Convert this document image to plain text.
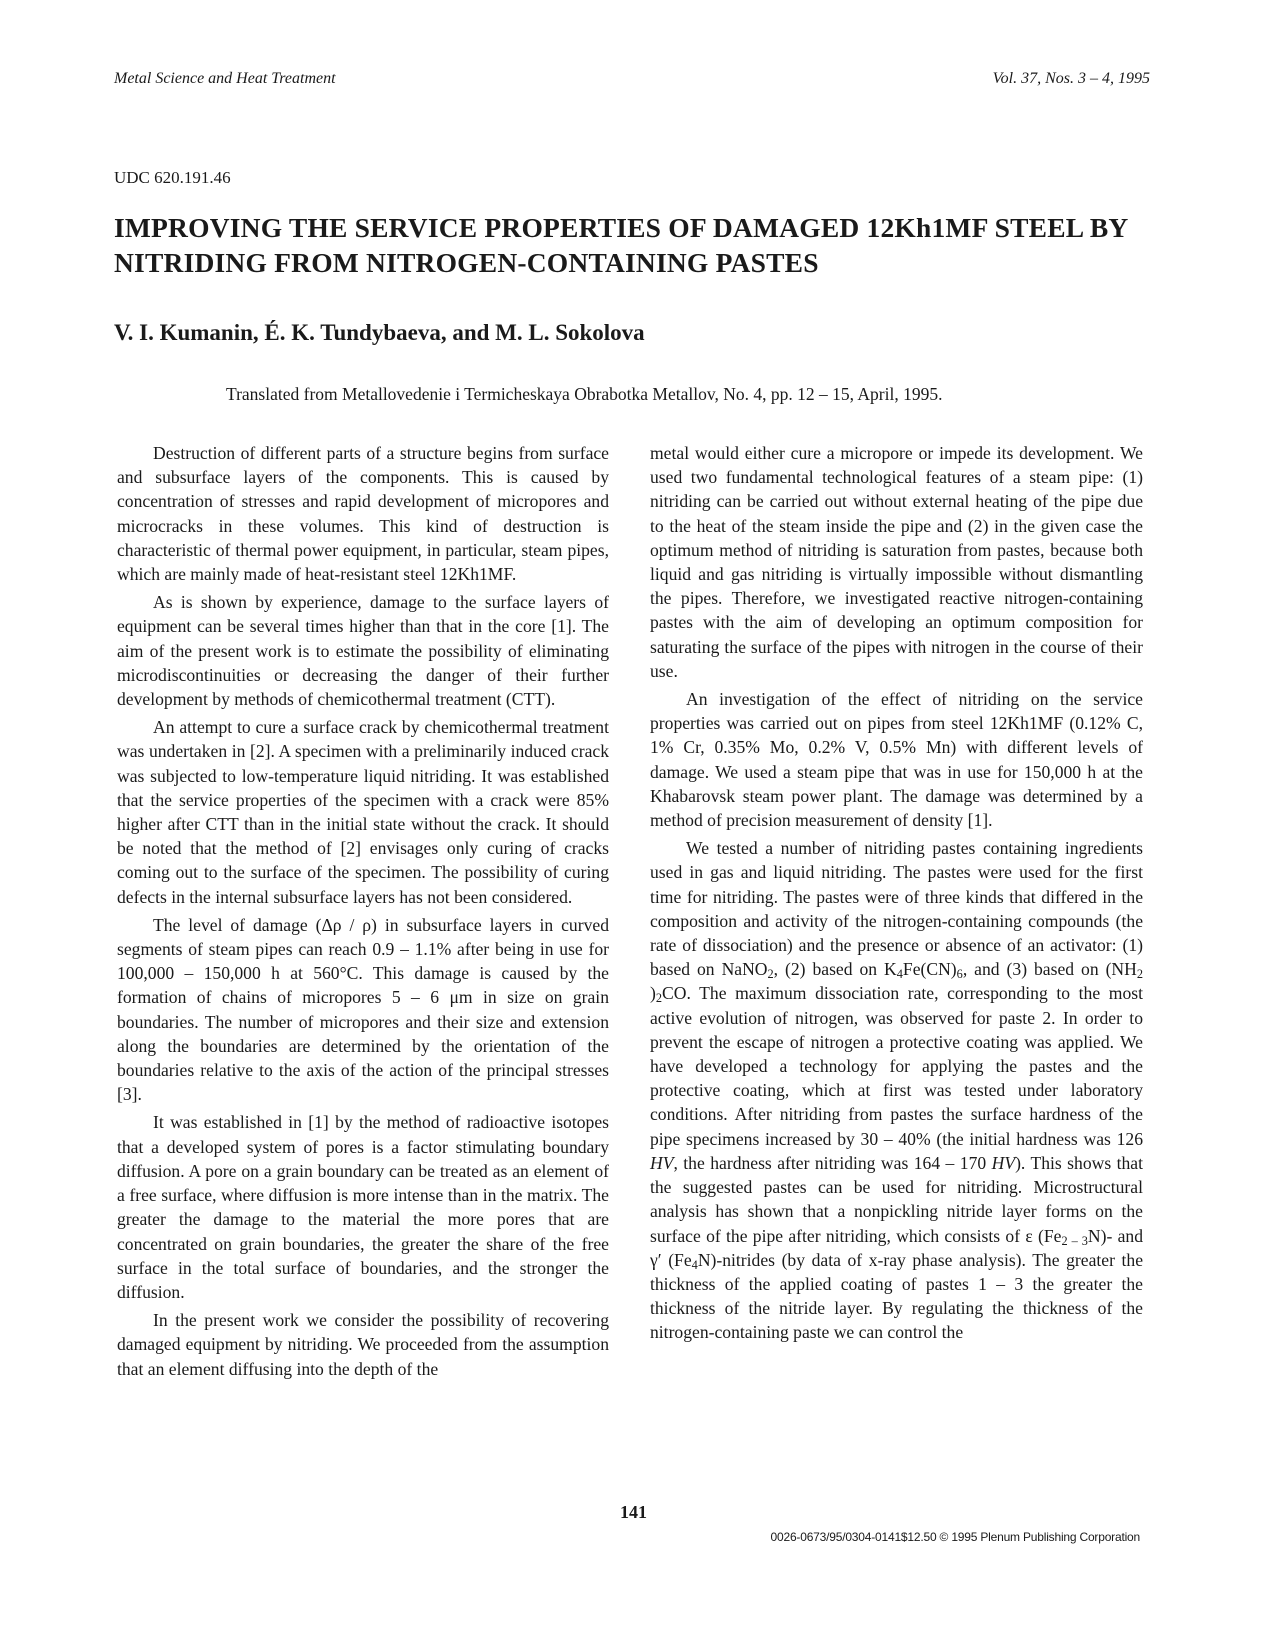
Metal Science and Heat Treatment	Vol. 37, Nos. 3 – 4, 1995
UDC 620.191.46
IMPROVING THE SERVICE PROPERTIES OF DAMAGED 12Kh1MF STEEL BY NITRIDING FROM NITROGEN-CONTAINING PASTES
V. I. Kumanin, É. K. Tundybaeva, and M. L. Sokolova
Translated from Metallovedenie i Termicheskaya Obrabotka Metallov, No. 4, pp. 12 – 15, April, 1995.

Destruction of different parts of a structure begins from surface and subsurface layers of the components. This is caused by concentration of stresses and rapid development of micropores and microcracks in these volumes. This kind of destruction is characteristic of thermal power equipment, in particular, steam pipes, which are mainly made of heat-resistant steel 12Kh1MF.

As is shown by experience, damage to the surface layers of equipment can be several times higher than that in the core [1]. The aim of the present work is to estimate the possibility of eliminating microdiscontinuities or decreasing the danger of their further development by methods of chemicothermal treatment (CTT).

An attempt to cure a surface crack by chemicothermal treatment was undertaken in [2]. A specimen with a preliminarily induced crack was subjected to low-temperature liquid nitriding. It was established that the service properties of the specimen with a crack were 85% higher after CTT than in the initial state without the crack. It should be noted that the method of [2] envisages only curing of cracks coming out to the surface of the specimen. The possibility of curing defects in the internal subsurface layers has not been considered.

The level of damage (Δρ / ρ) in subsurface layers in curved segments of steam pipes can reach 0.9 – 1.1% after being in use for 100,000 – 150,000 h at 560°C. This damage is caused by the formation of chains of micropores 5 – 6 μm in size on grain boundaries. The number of micropores and their size and extension along the boundaries are determined by the orientation of the boundaries relative to the axis of the action of the principal stresses [3].

It was established in [1] by the method of radioactive isotopes that a developed system of pores is a factor stimulating boundary diffusion. A pore on a grain boundary can be treated as an element of a free surface, where diffusion is more intense than in the matrix. The greater the damage to the material the more pores that are concentrated on grain boundaries, the greater the share of the free surface in the total surface of boundaries, and the stronger the diffusion.

In the present work we consider the possibility of recovering damaged equipment by nitriding. We proceeded from the assumption that an element diffusing into the depth of the

metal would either cure a micropore or impede its development. We used two fundamental technological features of a steam pipe: (1) nitriding can be carried out without external heating of the pipe due to the heat of the steam inside the pipe and (2) in the given case the optimum method of nitriding is saturation from pastes, because both liquid and gas nitriding is virtually impossible without dismantling the pipes. Therefore, we investigated reactive nitrogen-containing pastes with the aim of developing an optimum composition for saturating the surface of the pipes with nitrogen in the course of their use.

An investigation of the effect of nitriding on the service properties was carried out on pipes from steel 12Kh1MF (0.12% C, 1% Cr, 0.35% Mo, 0.2% V, 0.5% Mn) with different levels of damage. We used a steam pipe that was in use for 150,000 h at the Khabarovsk steam power plant. The damage was determined by a method of precision measurement of density [1].

We tested a number of nitriding pastes containing ingredients used in gas and liquid nitriding. The pastes were used for the first time for nitriding. The pastes were of three kinds that differed in the composition and activity of the nitrogen-containing compounds (the rate of dissociation) and the presence or absence of an activator: (1) based on NaNO$_2$, (2) based on $K_4Fe(CN)_6$, and (3) based on ($NH_2$ )$_2CO$. The maximum dissociation rate, corresponding to the most active evolution of nitrogen, was observed for paste 2. In order to prevent the escape of nitrogen a protective coating was applied. We have developed a technology for applying the pastes and the protective coating, which at first was tested under laboratory conditions. After nitriding from pastes the surface hardness of the pipe specimens increased by 30 – 40% (the initial hardness was 126 HV, the hardness after nitriding was 164 – 170 HV). This shows that the suggested pastes can be used for nitriding. Microstructural analysis has shown that a nonpickling nitride layer forms on the surface of the pipe after nitriding, which consists of ε $(Fe_{2 - 3}N)-$ and γ′ $(Fe_4N)$-nitrides (by data of x-ray phase analysis). The greater the thickness of the applied coating of pastes 1 – 3 the greater the thickness of the nitride layer. By regulating the thickness of the nitrogen-containing paste we can control the

141
0026-0673/95/0304-0141$12.50 © 1995 Plenum Publishing Corporation
